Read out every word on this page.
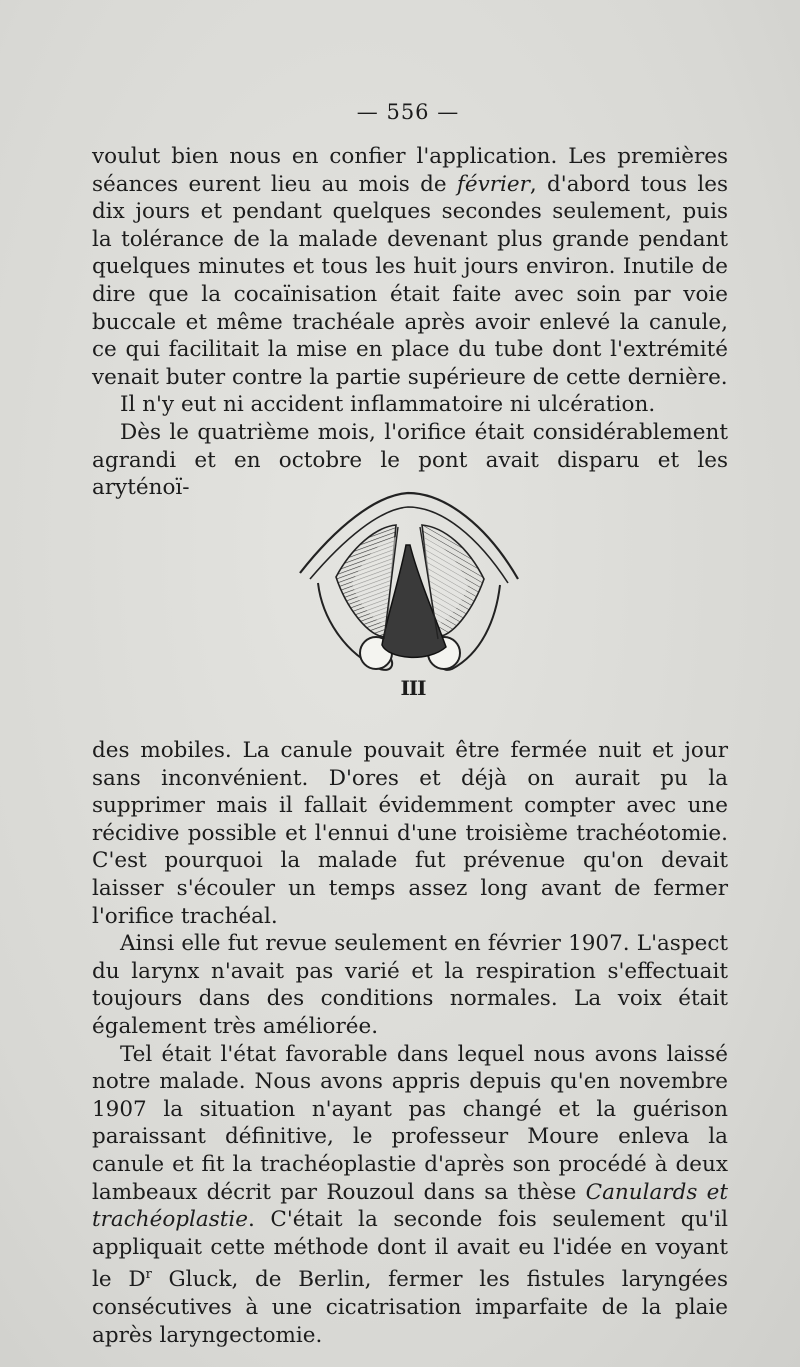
— 556 —

voulut bien nous en confier l'application. Les premières séances eurent lieu au mois de février, d'abord tous les dix jours et pendant quelques secondes seulement, puis la tolérance de la malade devenant plus grande pendant quelques minutes et tous les huit jours environ. Inutile de dire que la cocaïnisation était faite avec soin par voie buccale et même trachéale après avoir enlevé la canule, ce qui facilitait la mise en place du tube dont l'extrémité venait buter contre la partie supérieure de cette dernière.

Il n'y eut ni accident inflammatoire ni ulcération.

Dès le quatrième mois, l'orifice était considérablement agrandi et en octobre le pont avait disparu et les aryténoï-

III

des mobiles. La canule pouvait être fermée nuit et jour sans inconvénient. D'ores et déjà on aurait pu la supprimer mais il fallait évidemment compter avec une récidive possible et l'ennui d'une troisième trachéotomie. C'est pourquoi la malade fut prévenue qu'on devait laisser s'écouler un temps assez long avant de fermer l'orifice trachéal.

Ainsi elle fut revue seulement en février 1907. L'aspect du larynx n'avait pas varié et la respiration s'effectuait toujours dans des conditions normales. La voix était également très améliorée.

Tel était l'état favorable dans lequel nous avons laissé notre malade. Nous avons appris depuis qu'en novembre 1907 la situation n'ayant pas changé et la guérison paraissant définitive, le professeur Moure enleva la canule et fit la trachéoplastie d'après son procédé à deux lambeaux décrit par Rouzoul dans sa thèse Canulards et trachéoplastie. C'était la seconde fois seulement qu'il appliquait cette méthode dont il avait eu l'idée en voyant le $D^r$ Gluck, de Berlin, fermer les fistules laryngées consécutives à une cicatrisation imparfaite de la plaie après laryngectomie.
